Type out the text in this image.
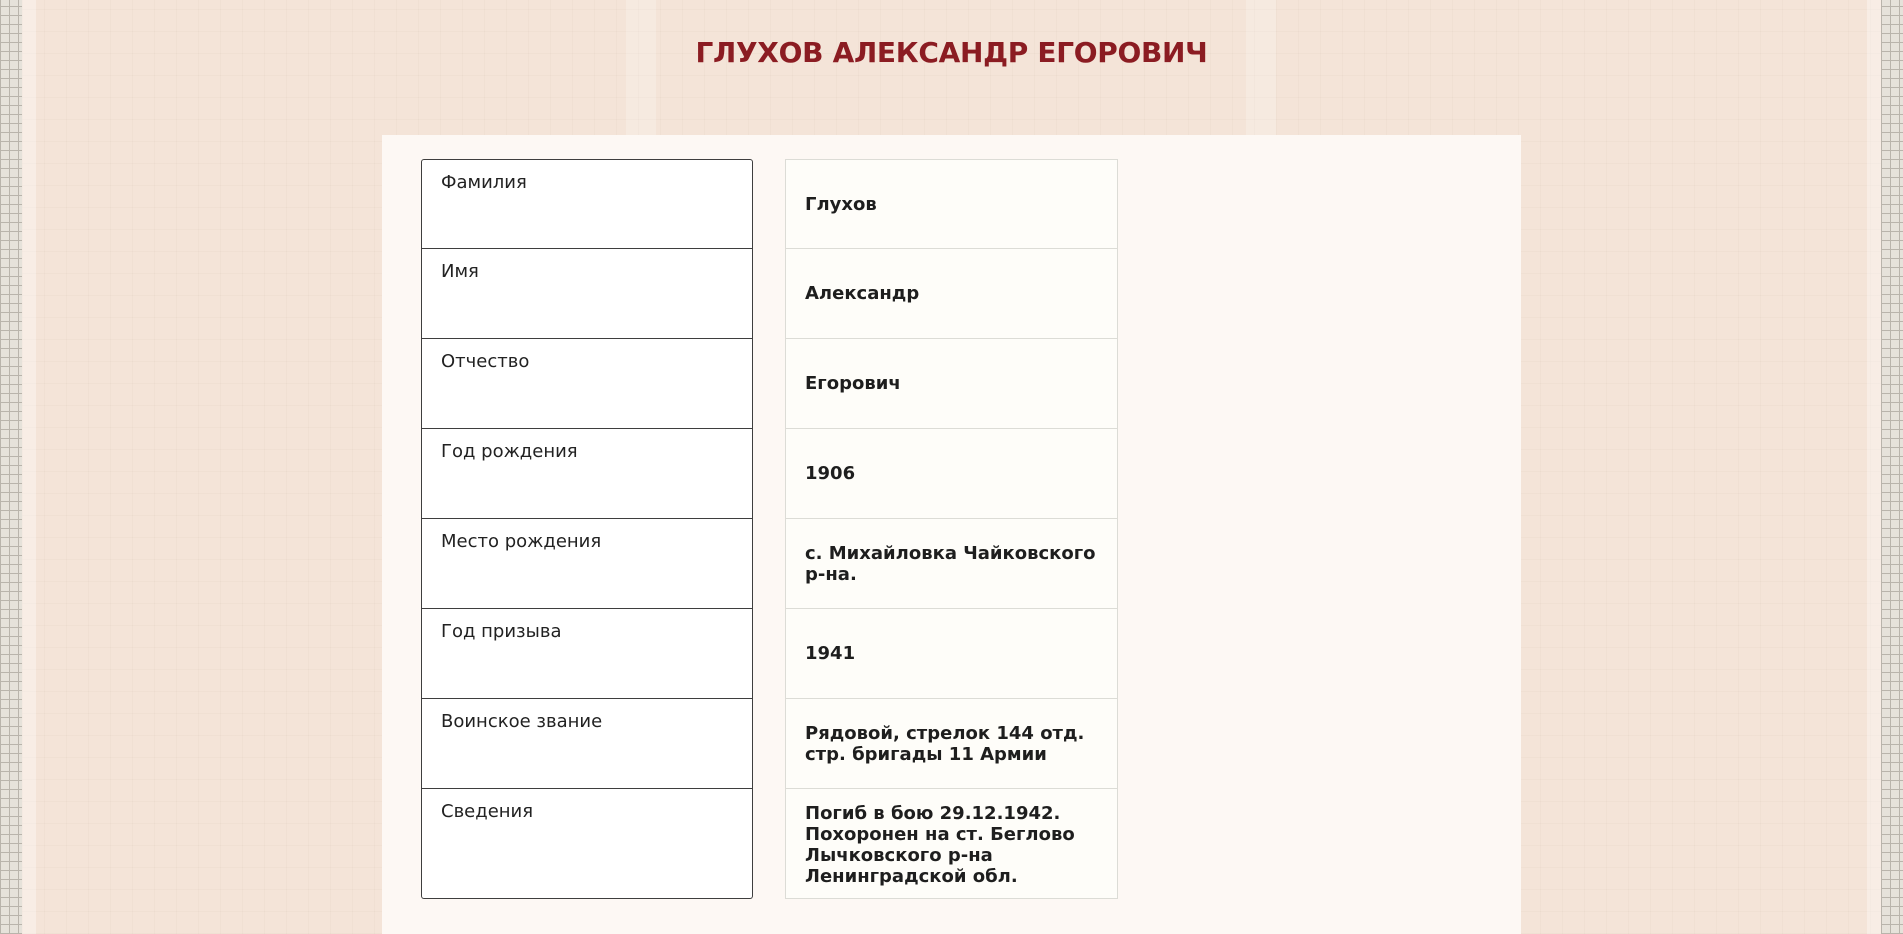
ГЛУХОВ АЛЕКСАНДР ЕГОРОВИЧ
Фамилия
Глухов
Имя
Александр
Отчество
Егорович
Год рождения
1906
Место рождения
с. Михайловка Чайковского р-на.
Год призыва
1941
Воинское звание
Рядовой, стрелок 144 отд. стр. бригады 11 Армии
Сведения	Погиб в бою 29.12.1942. Похоронен на ст. Беглово Лычковского р-на Ленинградской обл.
